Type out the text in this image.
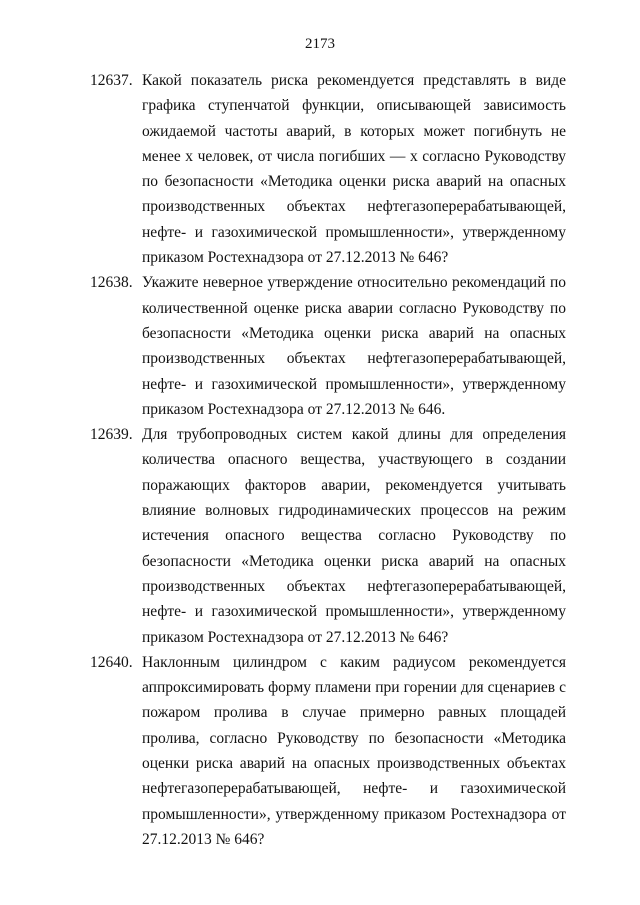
2173
12637. Какой показатель риска рекомендуется представлять в виде графика ступенчатой функции, описывающей зависимость ожидаемой частоты аварий, в которых может погибнуть не менее x человек, от числа погибших — x согласно Руководству по безопасности «Методика оценки риска аварий на опасных производственных объектах нефтегазоперерабатывающей, нефте- и газохимической промышленности», утвержденному приказом Ростехнадзора от 27.12.2013 № 646?
12638. Укажите неверное утверждение относительно рекомендаций по количественной оценке риска аварии согласно Руководству по безопасности «Методика оценки риска аварий на опасных производственных объектах нефтегазоперерабатывающей, нефте- и газохимической промышленности», утвержденному приказом Ростехнадзора от 27.12.2013 № 646.
12639. Для трубопроводных систем какой длины для определения количества опасного вещества, участвующего в создании поражающих факторов аварии, рекомендуется учитывать влияние волновых гидродинамических процессов на режим истечения опасного вещества согласно Руководству по безопасности «Методика оценки риска аварий на опасных производственных объектах нефтегазоперерабатывающей, нефте- и газохимической промышленности», утвержденному приказом Ростехнадзора от 27.12.2013 № 646?
12640. Наклонным цилиндром с каким радиусом рекомендуется аппроксимировать форму пламени при горении для сценариев с пожаром пролива в случае примерно равных площадей пролива, согласно Руководству по безопасности «Методика оценки риска аварий на опасных производственных объектах нефтегазоперерабатывающей, нефте- и газохимической промышленности», утвержденному приказом Ростехнадзора от 27.12.2013 № 646?
